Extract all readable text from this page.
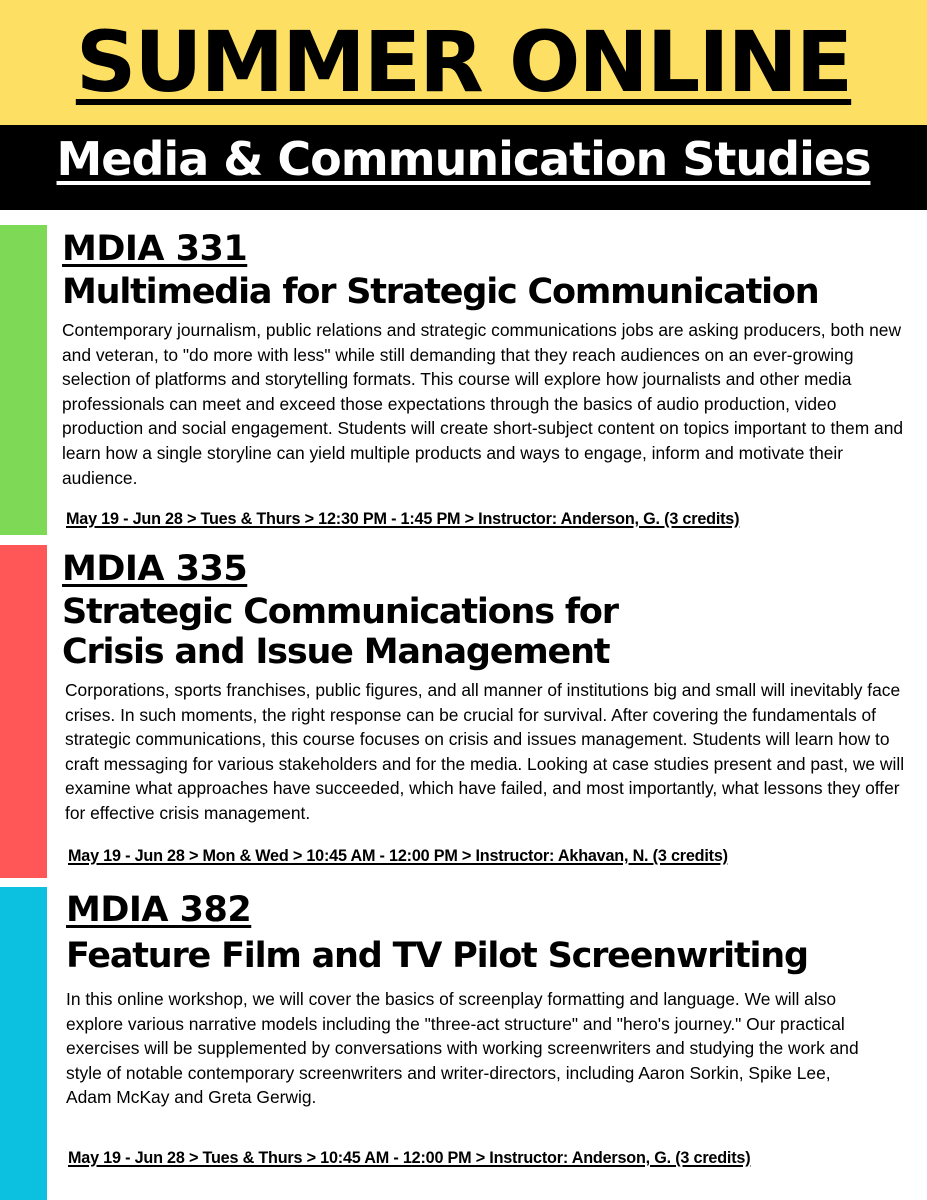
SUMMER ONLINE
Media & Communication Studies
MDIA 331
Multimedia for Strategic Communication
Contemporary journalism, public relations and strategic communications jobs are asking producers, both new and veteran, to "do more with less" while still demanding that they reach audiences on an ever-growing selection of platforms and storytelling formats. This course will explore how journalists and other media professionals can meet and exceed those expectations through the basics of audio production, video production and social engagement. Students will create short-subject content on topics important to them and learn how a single storyline can yield multiple products and ways to engage, inform and motivate their audience.
May 19 - Jun 28 > Tues & Thurs > 12:30 PM - 1:45 PM > Instructor: Anderson, G. (3 credits)
MDIA 335
Strategic Communications for
Crisis and Issue Management
Corporations, sports franchises, public figures, and all manner of institutions big and small will inevitably face crises. In such moments, the right response can be crucial for survival. After covering the fundamentals of strategic communications, this course focuses on crisis and issues management. Students will learn how to craft messaging for various stakeholders and for the media. Looking at case studies present and past, we will examine what approaches have succeeded, which have failed, and most importantly, what lessons they offer for effective crisis management.
May 19 - Jun 28 > Mon & Wed > 10:45 AM - 12:00 PM > Instructor: Akhavan, N. (3 credits)
MDIA 382
Feature Film and TV Pilot Screenwriting
In this online workshop, we will cover the basics of screenplay formatting and language. We will also explore various narrative models including the "three-act structure" and "hero's journey." Our practical exercises will be supplemented by conversations with working screenwriters and studying the work and style of notable contemporary screenwriters and writer-directors, including Aaron Sorkin, Spike Lee, Adam McKay and Greta Gerwig.
May 19 - Jun 28 > Tues & Thurs > 10:45 AM - 12:00 PM > Instructor: Anderson, G. (3 credits)
